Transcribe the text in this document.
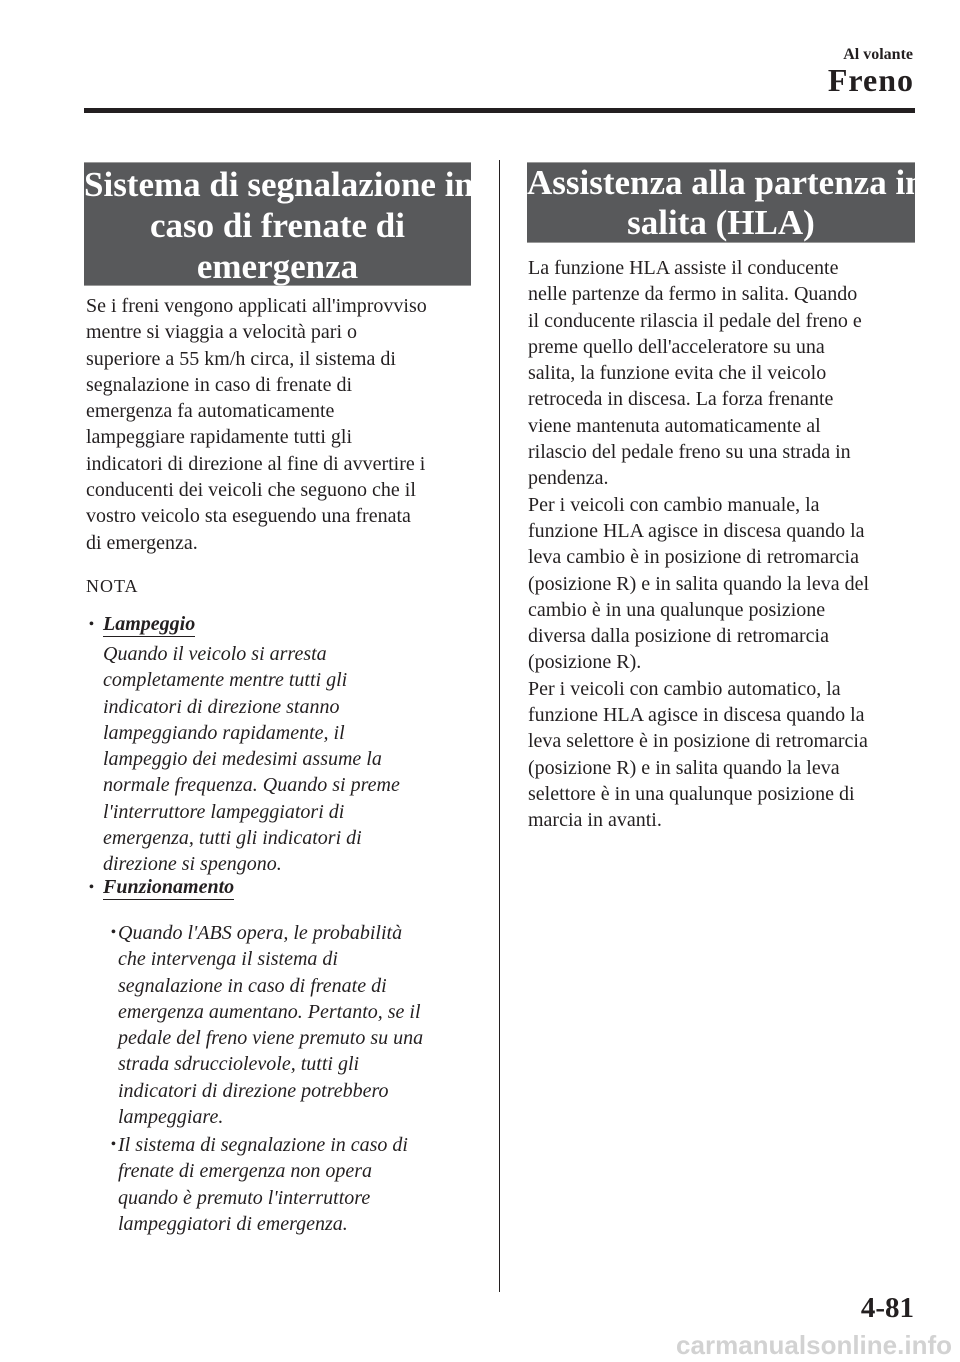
Al volante
Freno
Sistema di segnalazione in
caso di frenate di
emergenza
Se i freni vengono applicati all'improvviso
mentre si viaggia a velocità pari o
superiore a 55 km/h circa, il sistema di
segnalazione in caso di frenate di
emergenza fa automaticamente
lampeggiare rapidamente tutti gli
indicatori di direzione al fine di avvertire i
conducenti dei veicoli che seguono che il
vostro veicolo sta eseguendo una frenata
di emergenza.
NOTA
• Lampeggio
Quando il veicolo si arresta
completamente mentre tutti gli
indicatori di direzione stanno
lampeggiando rapidamente, il
lampeggio dei medesimi assume la
normale frequenza. Quando si preme
l'interruttore lampeggiatori di
emergenza, tutti gli indicatori di
direzione si spengono.
• Funzionamento
• Quando l'ABS opera, le probabilità
che intervenga il sistema di
segnalazione in caso di frenate di
emergenza aumentano. Pertanto, se il
pedale del freno viene premuto su una
strada sdrucciolevole, tutti gli
indicatori di direzione potrebbero
lampeggiare.
• Il sistema di segnalazione in caso di
frenate di emergenza non opera
quando è premuto l'interruttore
lampeggiatori di emergenza.
Assistenza alla partenza in
salita (HLA)
La funzione HLA assiste il conducente
nelle partenze da fermo in salita. Quando
il conducente rilascia il pedale del freno e
preme quello dell'acceleratore su una
salita, la funzione evita che il veicolo
retroceda in discesa. La forza frenante
viene mantenuta automaticamente al
rilascio del pedale freno su una strada in
pendenza.
Per i veicoli con cambio manuale, la
funzione HLA agisce in discesa quando la
leva cambio è in posizione di retromarcia
(posizione R) e in salita quando la leva del
cambio è in una qualunque posizione
diversa dalla posizione di retromarcia
(posizione R).
Per i veicoli con cambio automatico, la
funzione HLA agisce in discesa quando la
leva selettore è in posizione di retromarcia
(posizione R) e in salita quando la leva
selettore è in una qualunque posizione di
marcia in avanti.
4-81
carmanualsonline.info
